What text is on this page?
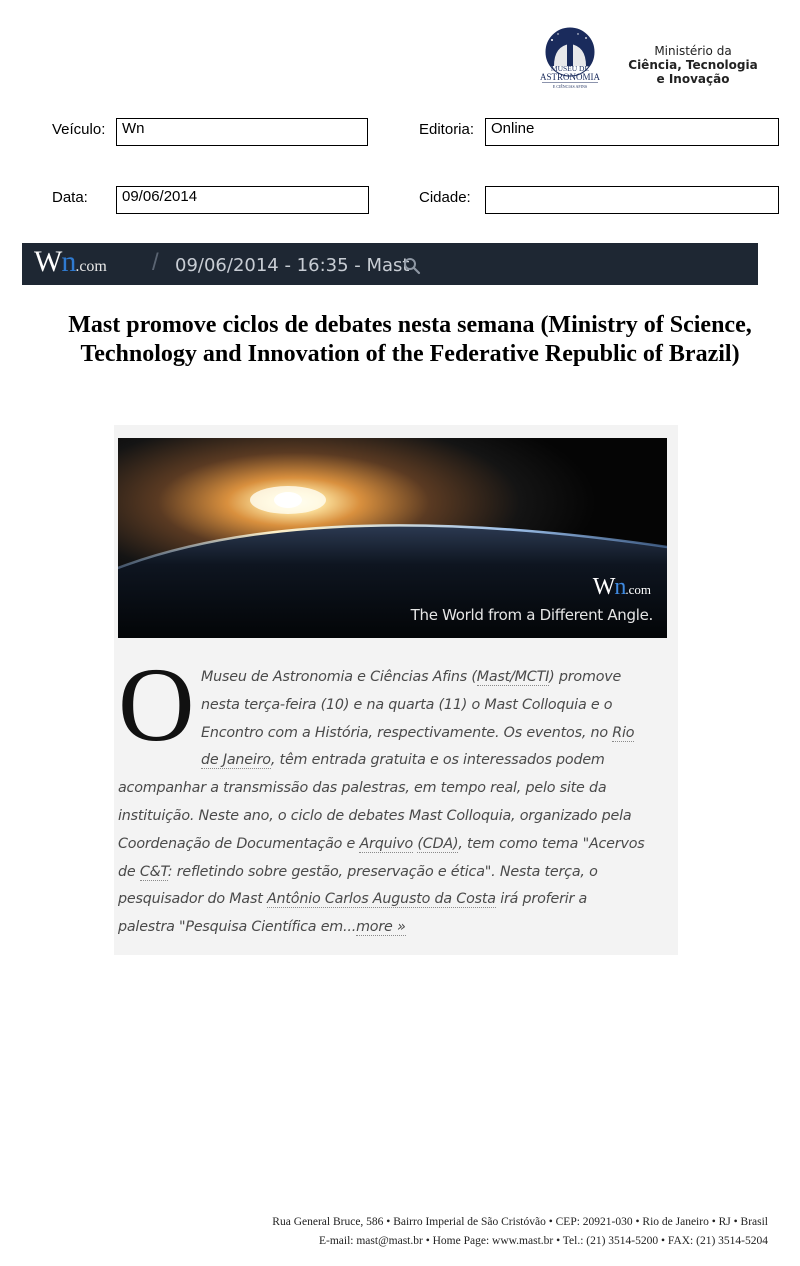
MUSEU DE
ASTRONOMIA
E CIÊNCIAS AFINS
Ministério da
Ciência, Tecnologia
e Inovação
Veículo:	Wn	Editoria:	Online
Data:	09/06/2014	Cidade:
Wn.com / 09/06/2014 - 16:35 - Mast
Mast promove ciclos de debates nesta semana (Ministry of Science, Technology and Innovation of the Federative Republic of Brazil)
Wn.com
The World from a Different Angle.
O Museu de Astronomia e Ciências Afins (Mast/MCTI) promove
nesta terça-feira (10) e na quarta (11) o Mast Colloquia e o
Encontro com a História, respectivamente. Os eventos, no Rio
de Janeiro, têm entrada gratuita e os interessados podem
acompanhar a transmissão das palestras, em tempo real, pelo site da
instituição. Neste ano, o ciclo de debates Mast Colloquia, organizado pela
Coordenação de Documentação e Arquivo (CDA), tem como tema "Acervos
de C&T: refletindo sobre gestão, preservação e ética". Nesta terça, o
pesquisador do Mast Antônio Carlos Augusto da Costa irá proferir a
palestra "Pesquisa Científica em...more »
Rua General Bruce, 586 • Bairro Imperial de São Cristóvão • CEP: 20921-030 • Rio de Janeiro • RJ • Brasil
E-mail: mast@mast.br • Home Page: www.mast.br • Tel.: (21) 3514-5200 • FAX: (21) 3514-5204
